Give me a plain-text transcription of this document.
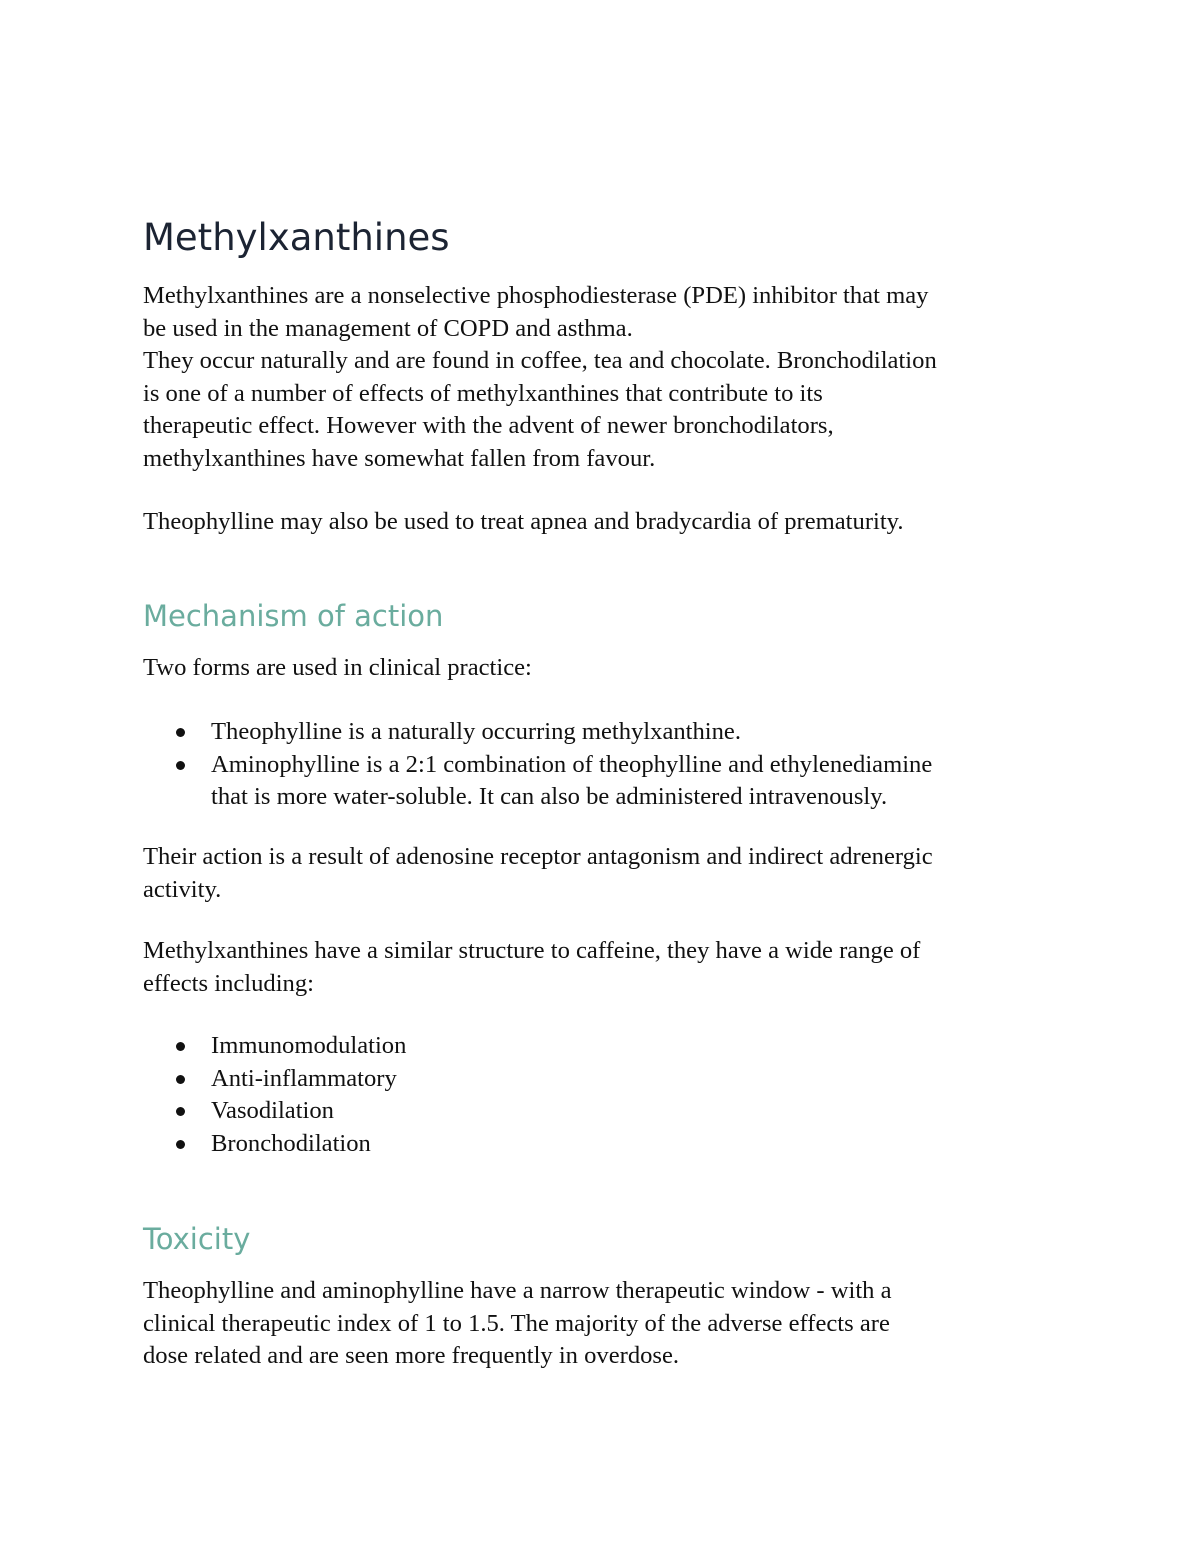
Methylxanthines

Methylxanthines are a nonselective phosphodiesterase (PDE) inhibitor that may
be used in the management of COPD and asthma.
They occur naturally and are found in coffee, tea and chocolate. Bronchodilation
is one of a number of effects of methylxanthines that contribute to its
therapeutic effect. However with the advent of newer bronchodilators,
methylxanthines have somewhat fallen from favour.

Theophylline may also be used to treat apnea and bradycardia of prematurity.

Mechanism of action

Two forms are used in clinical practice:

Theophylline is a naturally occurring methylxanthine.
Aminophylline is a 2:1 combination of theophylline and ethylenediamine
that is more water-soluble. It can also be administered intravenously.

Their action is a result of adenosine receptor antagonism and indirect adrenergic
activity.

Methylxanthines have a similar structure to caffeine, they have a wide range of
effects including:

Immunomodulation
Anti-inflammatory
Vasodilation
Bronchodilation
Toxicity

Theophylline and aminophylline have a narrow therapeutic window - with a
clinical therapeutic index of 1 to 1.5. The majority of the adverse effects are
dose related and are seen more frequently in overdose.
